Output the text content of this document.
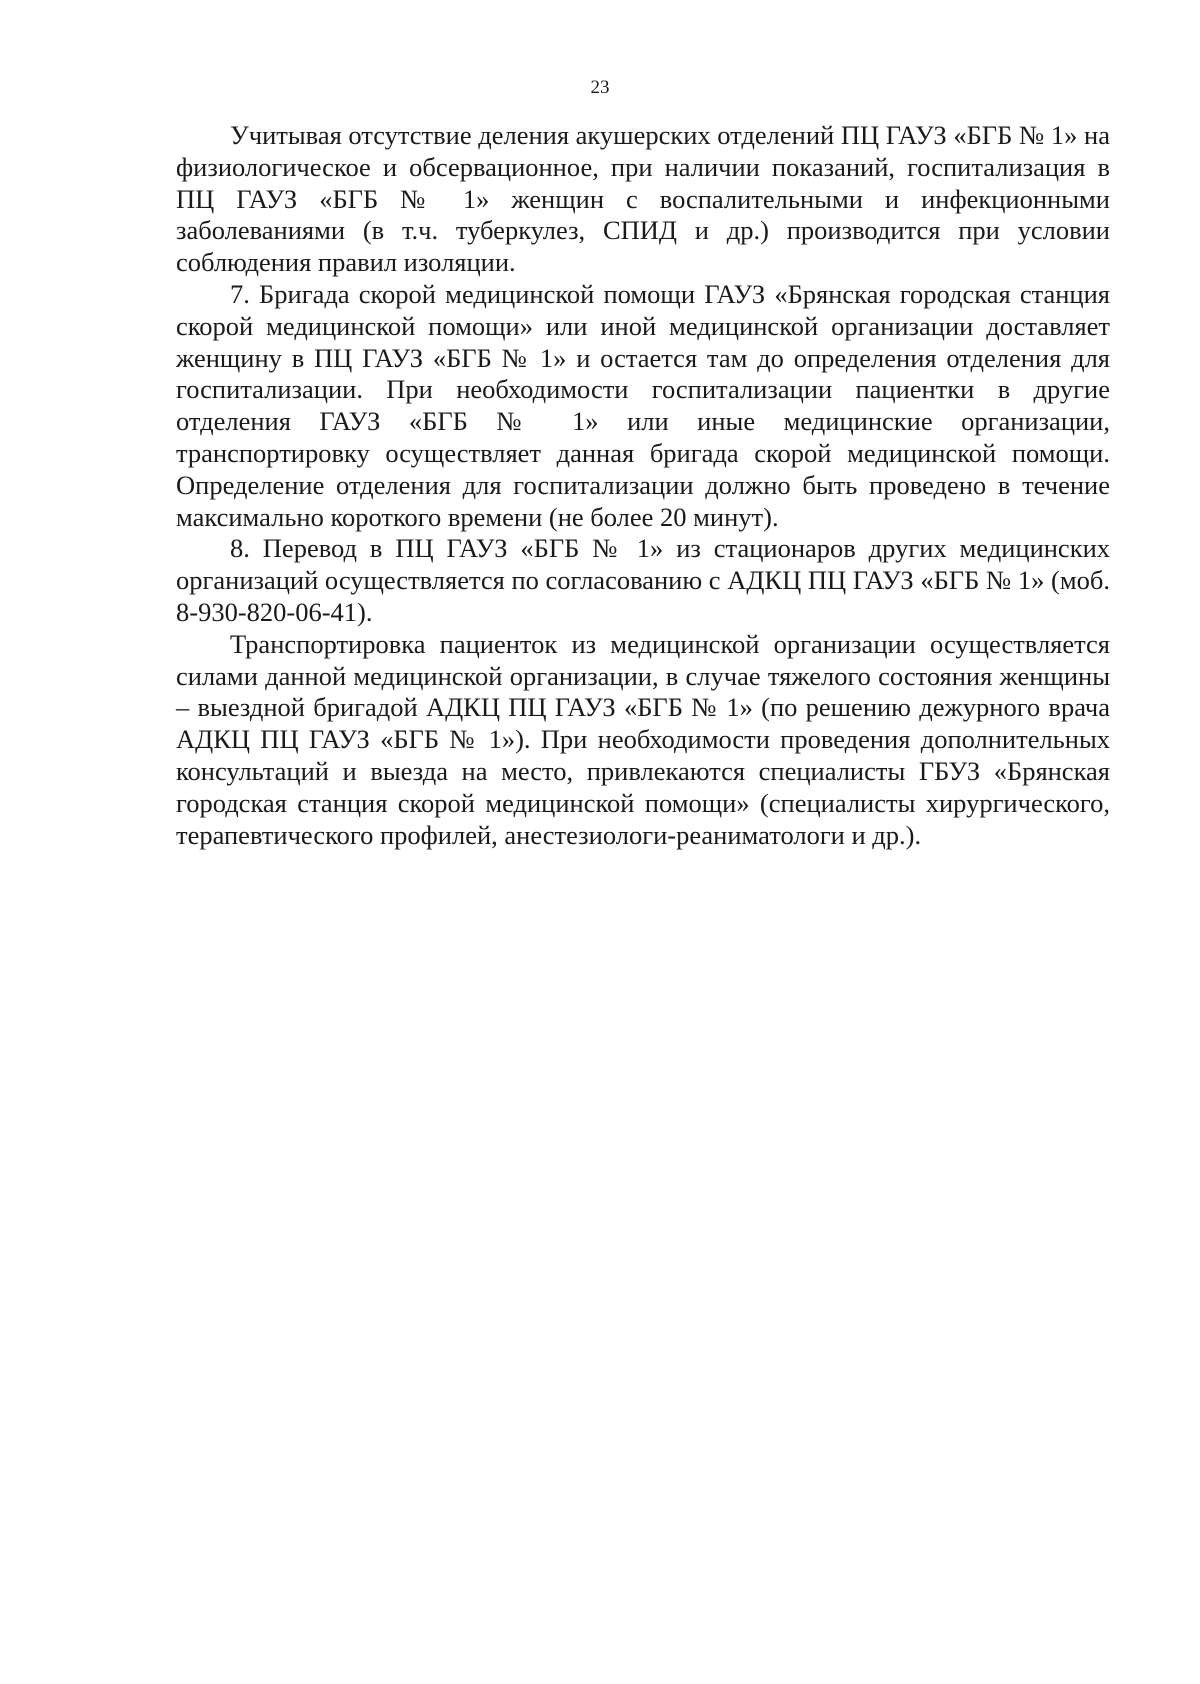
23

Учитывая отсутствие деления акушерских отделений ПЦ ГАУЗ «БГБ № 1» на физиологическое и обсервационное, при наличии показаний, госпитализация в ПЦ ГАУЗ «БГБ № 1» женщин с воспалительными и инфекционными заболеваниями (в т.ч. туберкулез, СПИД и др.) производится при условии соблюдения правил изоляции.

7. Бригада скорой медицинской помощи ГАУЗ «Брянская городская станция скорой медицинской помощи» или иной медицинской организации доставляет женщину в ПЦ ГАУЗ «БГБ № 1» и остается там до определения отделения для госпитализации. При необходимости госпитализации пациентки в другие отделения ГАУЗ «БГБ № 1» или иные медицинские организации, транспортировку осуществляет данная бригада скорой медицинской помощи. Определение отделения для госпитализации должно быть проведено в течение максимально короткого времени (не более 20 минут).

8. Перевод в ПЦ ГАУЗ «БГБ № 1» из стационаров других медицинских организаций осуществляется по согласованию с АДКЦ ПЦ ГАУЗ «БГБ № 1» (моб. 8-930-820-06-41).

Транспортировка пациенток из медицинской организации осуществляется силами данной медицинской организации, в случае тяжелого состояния женщины – выездной бригадой АДКЦ ПЦ ГАУЗ «БГБ № 1» (по решению дежурного врача АДКЦ ПЦ ГАУЗ «БГБ № 1»). При необходимости проведения дополнительных консультаций и выезда на место, привлекаются специалисты ГБУЗ «Брянская городская станция скорой медицинской помощи» (специалисты хирургического, терапевтического профилей, анестезиологи-реаниматологи и др.).
